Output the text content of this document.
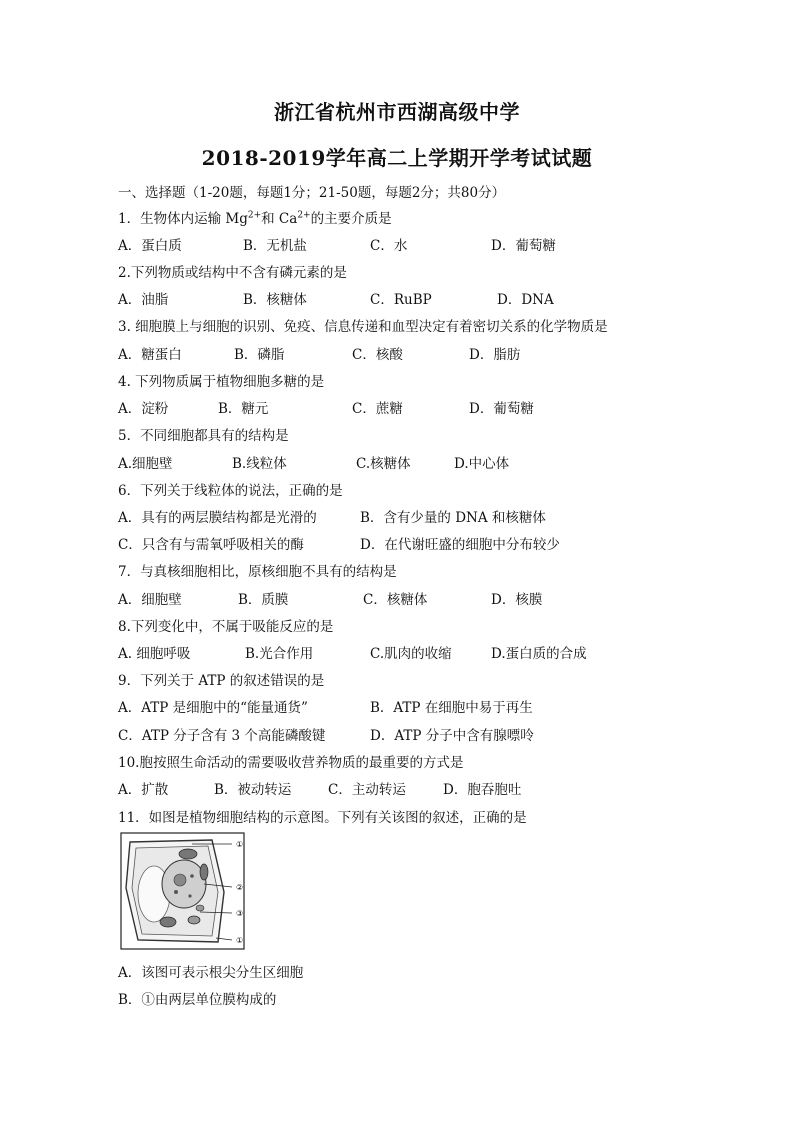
浙江省杭州市西湖高级中学
2018-2019学年高二上学期开学考试试题
一、选择题（1-20题，每题1分；21-50题，每题2分；共80分）
1．生物体内运输 $Mg^{2+}$和 $Ca^{2+}$的主要介质是
A．蛋白质	B．无机盐	C．水	D．葡萄糖
2.下列物质或结构中不含有磷元素的是
A．油脂	B．核糖体	C．RuBP	D．DNA
3. 细胞膜上与细胞的识别、免疫、信息传递和血型决定有着密切关系的化学物质是
A．糖蛋白	B．磷脂	C．核酸	D．脂肪
4. 下列物质属于植物细胞多糖的是
A．淀粉	B．糖元	C．蔗糖	D．葡萄糖
5．不同细胞都具有的结构是
A.细胞壁	B.线粒体	C.核糖体	D.中心体
6．下列关于线粒体的说法，正确的是
A．具有的两层膜结构都是光滑的	B．含有少量的 DNA 和核糖体
C．只含有与需氧呼吸相关的酶	D．在代谢旺盛的细胞中分布较少
7．与真核细胞相比，原核细胞不具有的结构是
A．细胞壁	B．质膜	C．核糖体	D．核膜
8.下列变化中，不属于吸能反应的是
A. 细胞呼吸	B.光合作用	C.肌肉的收缩	D.蛋白质的合成
9．下列关于 ATP 的叙述错误的是
A．ATP 是细胞中的“能量通货”	B．ATP 在细胞中易于再生
C．ATP 分子含有 3 个高能磷酸键	D．ATP 分子中含有腺嘌呤
10.胞按照生命活动的需要吸收营养物质的最重要的方式是
A．扩散	B．被动转运	C．主动转运	D．胞吞胞吐
11．如图是植物细胞结构的示意图。下列有关该图的叙述，正确的是
①
②
③
①
A．该图可表示根尖分生区细胞
B．①由两层单位膜构成的
